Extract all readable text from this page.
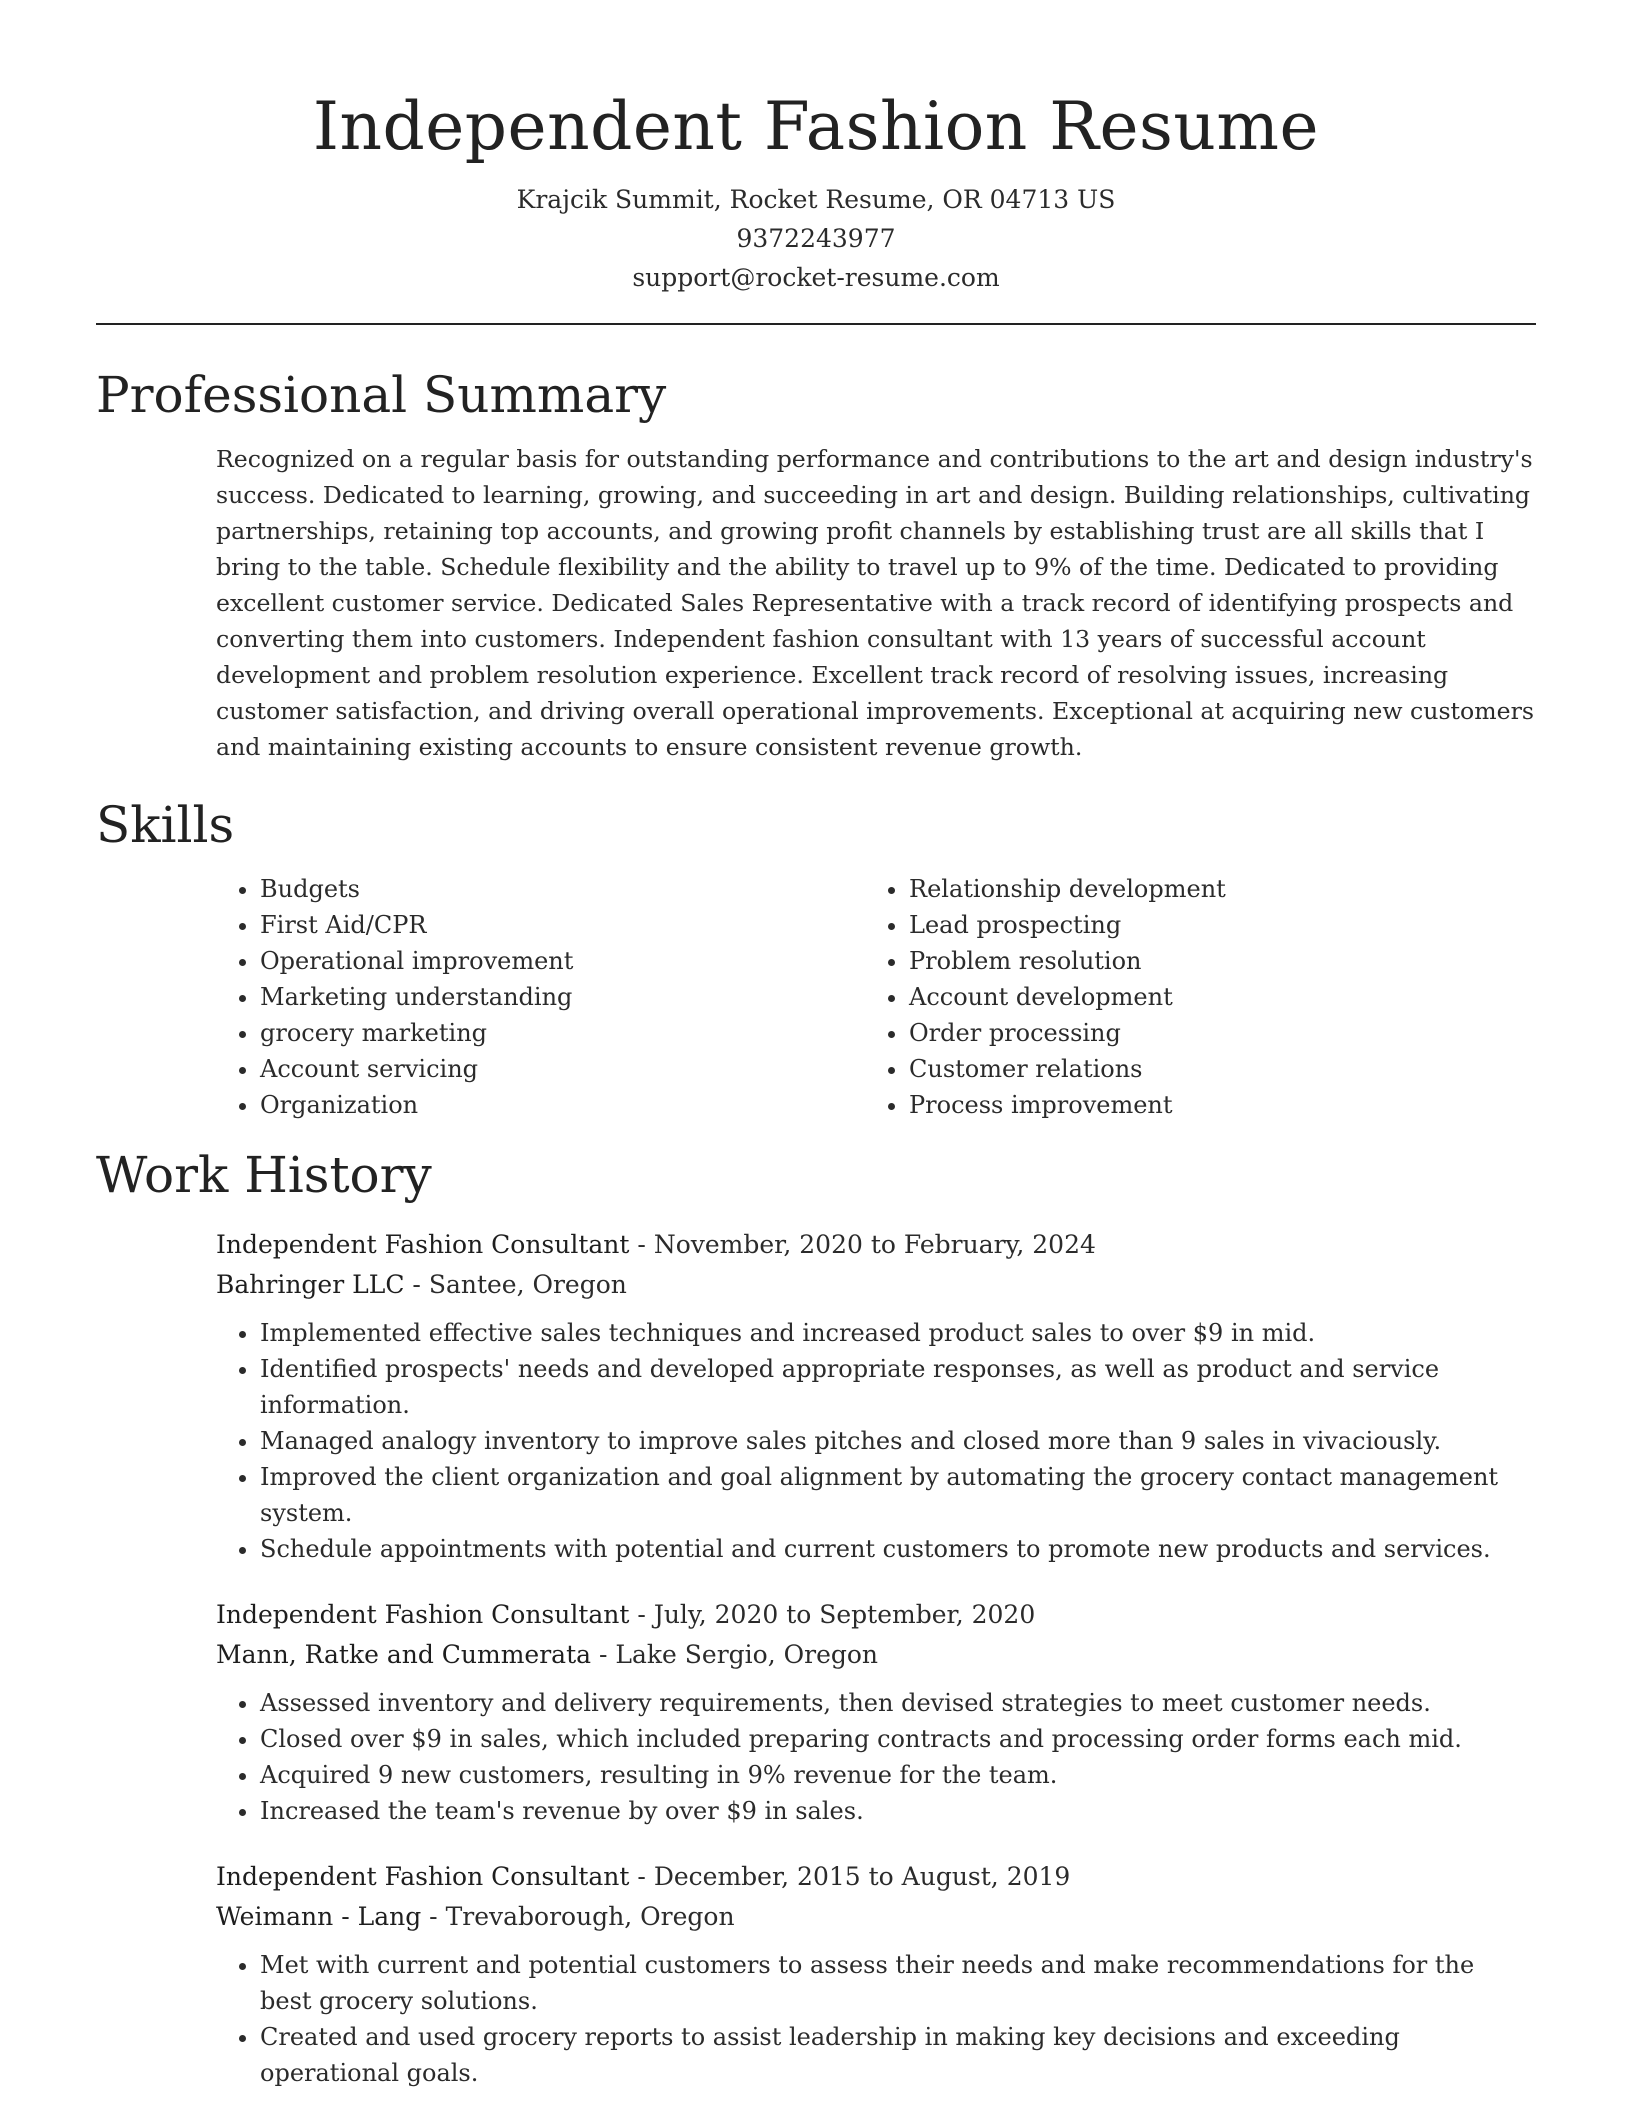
Independent Fashion Resume
Krajcik Summit, Rocket Resume, OR 04713 US
9372243977
support@rocket-resume.com
Professional Summary

Recognized on a regular basis for outstanding performance and contributions to the art and design industry's success. Dedicated to learning, growing, and succeeding in art and design. Building relationships, cultivating partnerships, retaining top accounts, and growing profit channels by establishing trust are all skills that I bring to the table. Schedule flexibility and the ability to travel up to 9% of the time. Dedicated to providing excellent customer service. Dedicated Sales Representative with a track record of identifying prospects and converting them into customers. Independent fashion consultant with 13 years of successful account development and problem resolution experience. Excellent track record of resolving issues, increasing customer satisfaction, and driving overall operational improvements. Exceptional at acquiring new customers and maintaining existing accounts to ensure consistent revenue growth.

Skills
• Budgets
• First Aid/CPR
• Operational improvement
• Marketing understanding
• grocery marketing
• Account servicing
• Organization
• Relationship development
• Lead prospecting
• Problem resolution
• Account development
• Order processing
• Customer relations
• Process improvement
Work History
Independent Fashion Consultant - November, 2020 to February, 2024
Bahringer LLC - Santee, Oregon
• Implemented effective sales techniques and increased product sales to over $9 in mid.
• Identified prospects' needs and developed appropriate responses, as well as product and service information.
• Managed analogy inventory to improve sales pitches and closed more than 9 sales in vivaciously.
• Improved the client organization and goal alignment by automating the grocery contact management system.
• Schedule appointments with potential and current customers to promote new products and services.
Independent Fashion Consultant - July, 2020 to September, 2020
Mann, Ratke and Cummerata - Lake Sergio, Oregon
• Assessed inventory and delivery requirements, then devised strategies to meet customer needs.
• Closed over $9 in sales, which included preparing contracts and processing order forms each mid.
• Acquired 9 new customers, resulting in 9% revenue for the team.
• Increased the team's revenue by over $9 in sales.
Independent Fashion Consultant - December, 2015 to August, 2019
Weimann - Lang - Trevaborough, Oregon
• Met with current and potential customers to assess their needs and make recommendations for the best grocery solutions.
• Created and used grocery reports to assist leadership in making key decisions and exceeding operational goals.
